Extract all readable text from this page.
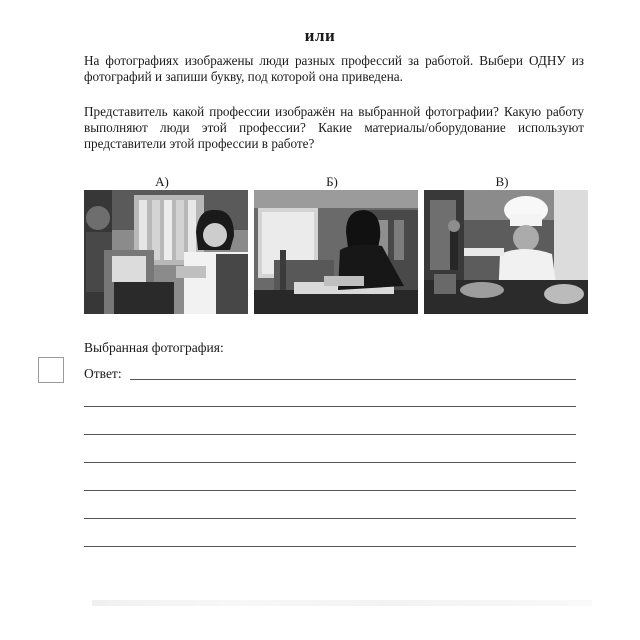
или
На фотографиях изображены люди разных профессий за работой. Выбери ОДНУ из фотографий и запиши букву, под которой она приведена.
Представитель какой профессии изображён на выбранной фотографии? Какую работу выполняют люди этой профессии? Какие материалы/оборудование используют представители этой профессии в работе?
А)	Б)	В)
Выбранная фотография:
Ответ:
